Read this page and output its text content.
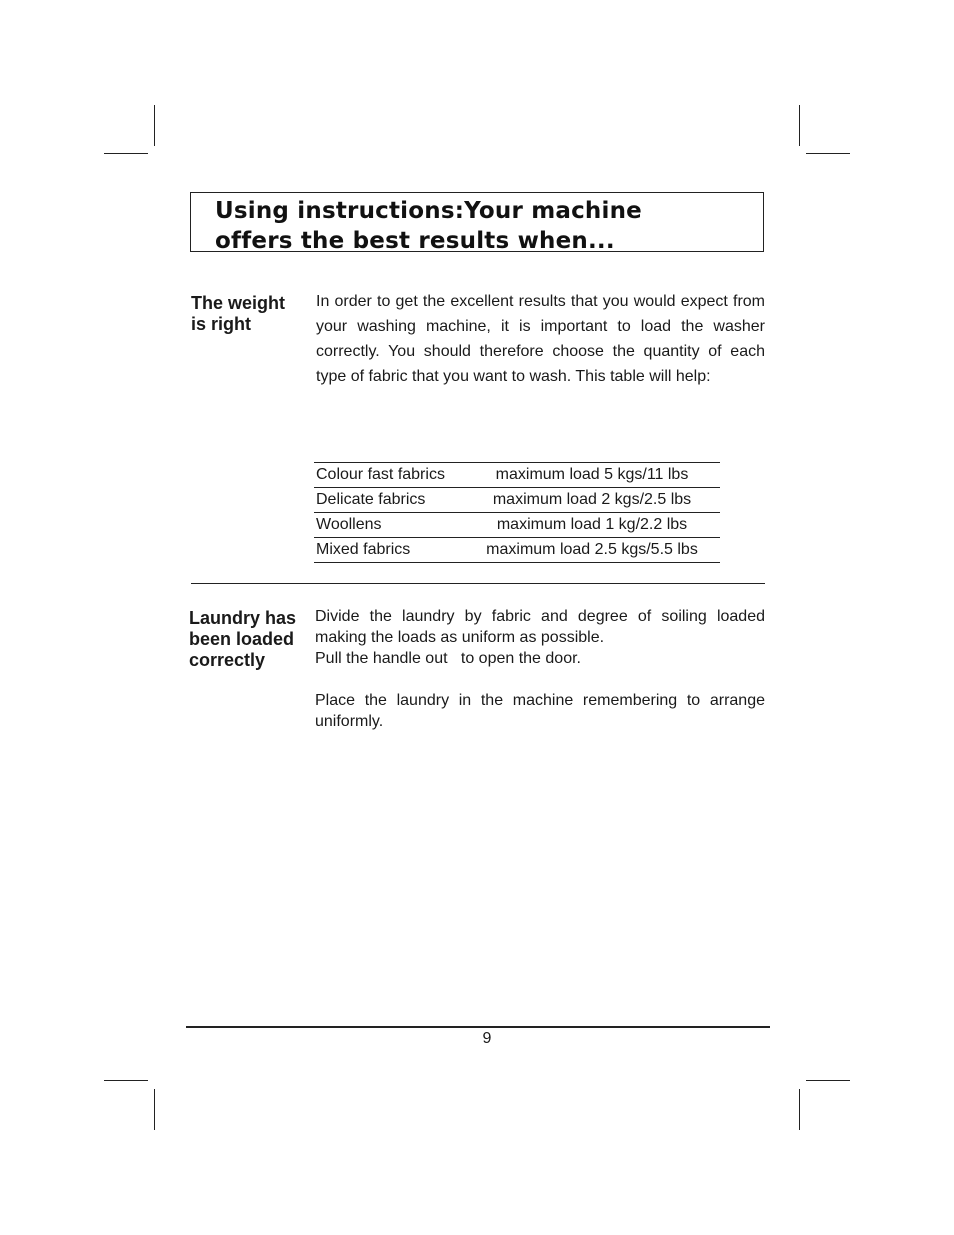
Using instructions:Your machine
offers the best results when...
The weight
is right
In order to get the excellent results that you would expect from your washing machine, it is important to load the washer correctly. You should therefore choose the quantity of each type of fabric that you want to wash. This table will help:
Colour fast fabrics	maximum load 5 kgs/11 lbs
Delicate fabrics	maximum load 2 kgs/2.5 lbs
Woollens	maximum load 1 kg/2.2 lbs
Mixed fabrics	maximum load 2.5 kgs/5.5 lbs
Laundry has
been loaded
correctly
Divide the laundry by fabric and degree of soiling loaded making the loads as uniform as possible.
Pull the handle out   to open the door.
Place the laundry in the machine remembering to arrange uniformly.
9
